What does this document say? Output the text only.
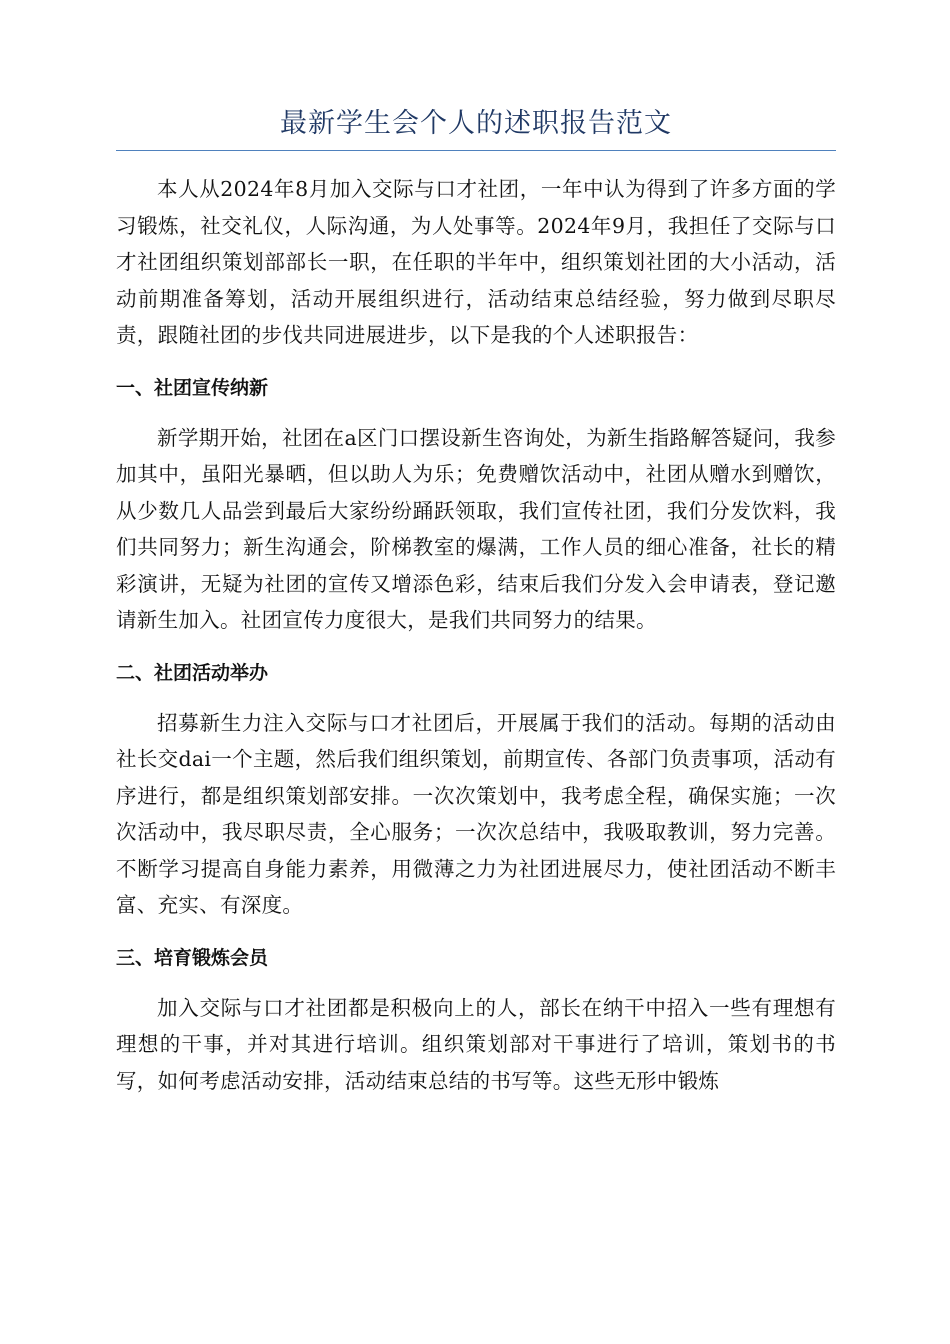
最新学生会个人的述职报告范文

本人从2024年8月加入交际与口才社团，一年中认为得到了许多方面的学习锻炼，社交礼仪，人际沟通，为人处事等。2024年9月，我担任了交际与口才社团组织策划部部长一职，在任职的半年中，组织策划社团的大小活动，活动前期准备筹划，活动开展组织进行，活动结束总结经验，努力做到尽职尽责，跟随社团的步伐共同进展进步，以下是我的个人述职报告：

一、社团宣传纳新

新学期开始，社团在a区门口摆设新生咨询处，为新生指路解答疑问，我参加其中，虽阳光暴晒，但以助人为乐；免费赠饮活动中，社团从赠水到赠饮，从少数几人品尝到最后大家纷纷踊跃领取，我们宣传社团，我们分发饮料，我们共同努力；新生沟通会，阶梯教室的爆满，工作人员的细心准备，社长的精彩演讲，无疑为社团的宣传又增添色彩，结束后我们分发入会申请表，登记邀请新生加入。社团宣传力度很大，是我们共同努力的结果。

二、社团活动举办

招募新生力注入交际与口才社团后，开展属于我们的活动。每期的活动由社长交dai一个主题，然后我们组织策划，前期宣传、各部门负责事项，活动有序进行，都是组织策划部安排。一次次策划中，我考虑全程，确保实施；一次次活动中，我尽职尽责，全心服务；一次次总结中，我吸取教训，努力完善。不断学习提高自身能力素养，用微薄之力为社团进展尽力，使社团活动不断丰富、充实、有深度。

三、培育锻炼会员

加入交际与口才社团都是积极向上的人，部长在纳干中招入一些有理想有理想的干事，并对其进行培训。组织策划部对干事进行了培训，策划书的书写，如何考虑活动安排，活动结束总结的书写等。这些无形中锻炼
